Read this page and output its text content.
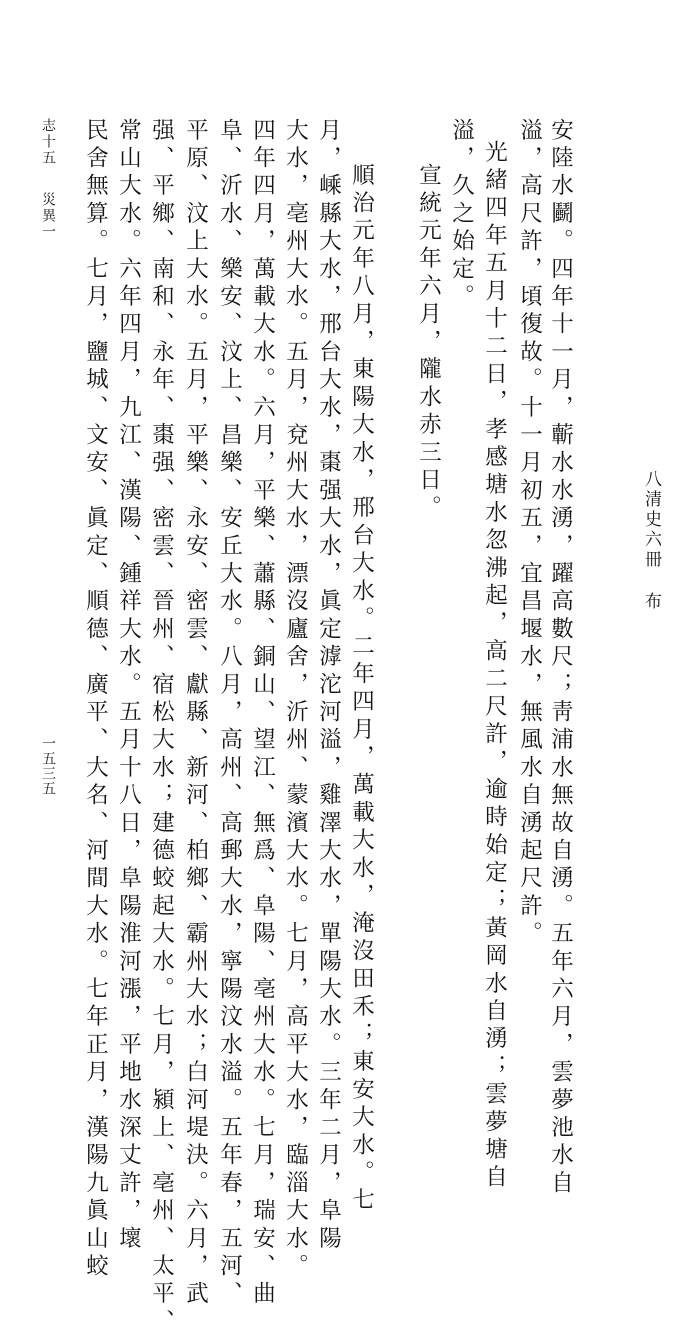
八清史六冊布
安陸水鬬。四年十一月，蘄水水湧，躍高數尺；靑浦水無故自湧。五年六月，雲夢池水自
溢，高尺許，頃復故。十一月初五，宜昌堰水，無風水自湧起尺許。
光緒四年五月十二日，孝感塘水忽沸起，高二尺許，逾時始定；黃岡水自湧；雲夢塘自
溢，久之始定。
宣統元年六月，隴水赤三日。
順治元年八月，東陽大水，邢台大水。二年四月，萬載大水，淹沒田禾；東安大水。七
月，嵊縣大水，邢台大水，棗强大水，眞定滹沱河溢，雞澤大水，單陽大水。三年二月，阜陽
大水，亳州大水。五月，兗州大水，漂沒廬舍，沂州、蒙濱大水。七月，高平大水，臨淄大水。
四年四月，萬載大水。六月，平樂、蕭縣、銅山、望江、無爲、阜陽、亳州大水。七月，瑞安、曲
阜、沂水、樂安、汶上、昌樂、安丘大水。八月，高州、高郵大水，寧陽汶水溢。五年春，五河、
平原、汶上大水。五月，平樂、永安、密雲、獻縣、新河、柏鄉、霸州大水；白河堤決。六月，武
强、平鄉、南和、永年、棗强、密雲、晉州、宿松大水；建德蛟起大水。七月，潁上、亳州、太平、
常山大水。六年四月，九江、漢陽、鍾祥大水。五月十八日，阜陽淮河漲，平地水深丈許，壞
民舍無算。七月，鹽城、文安、眞定、順德、廣平、大名、河間大水。七年正月，漢陽九眞山蛟
志十五災異一
一五三五
